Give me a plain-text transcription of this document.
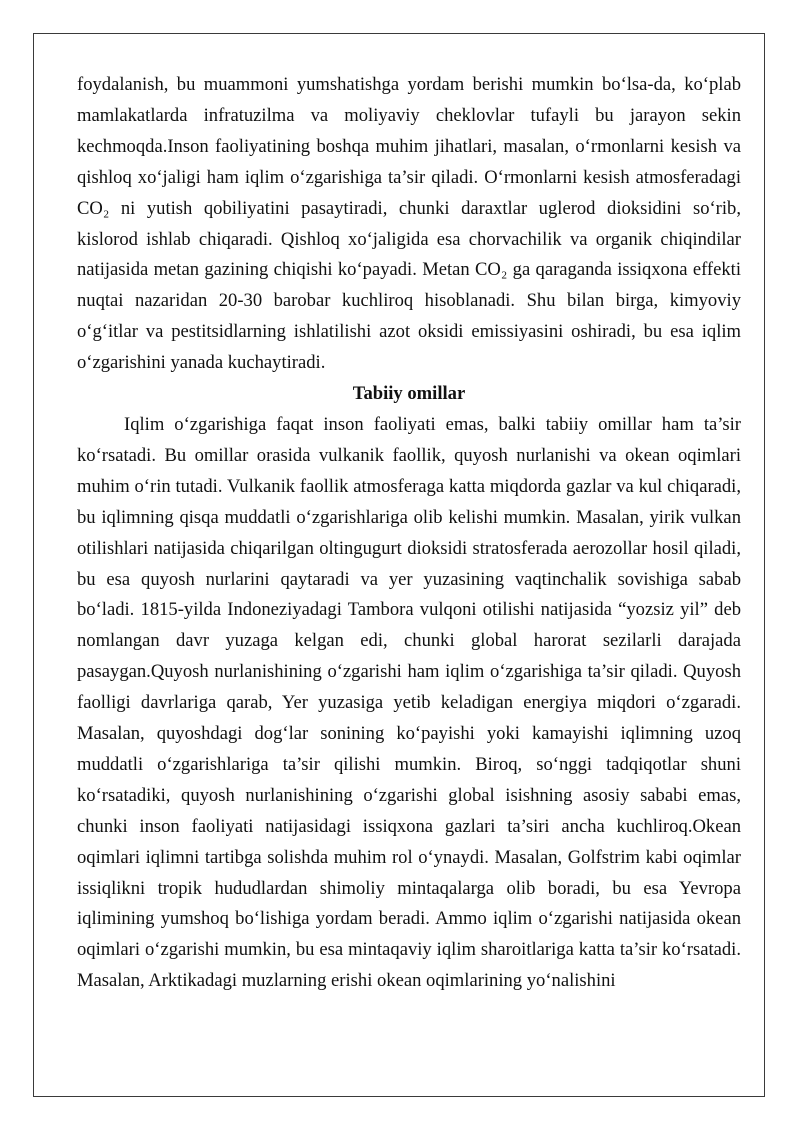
foydalanish, bu muammoni yumshatishga yordam berishi mumkin bo‘lsa-da, ko‘plab mamlakatlarda infratuzilma va moliyaviy cheklovlar tufayli bu jarayon sekin kechmoqda.Inson faoliyatining boshqa muhim jihatlari, masalan, o‘rmonlarni kesish va qishloq xo‘jaligi ham iqlim o‘zgarishiga ta’sir qiladi. O‘rmonlarni kesish atmosferadagi CO₂ ni yutish qobiliyatini pasaytiradi, chunki daraxtlar uglerod dioksidini so‘rib, kislorod ishlab chiqaradi. Qishloq xo‘jaligida esa chorvachilik va organik chiqindilar natijasida metan gazining chiqishi ko‘payadi. Metan CO₂ ga qaraganda issiqxona effekti nuqtai nazaridan 20-30 barobar kuchliroq hisoblanadi. Shu bilan birga, kimyoviy o‘g‘itlar va pestitsidlarning ishlatilishi azot oksidi emissiyasini oshiradi, bu esa iqlim o‘zgarishini yanada kuchaytiradi.

Tabiiy omillar

Iqlim o‘zgarishiga faqat inson faoliyati emas, balki tabiiy omillar ham ta’sir ko‘rsatadi. Bu omillar orasida vulkanik faollik, quyosh nurlanishi va okean oqimlari muhim o‘rin tutadi. Vulkanik faollik atmosferaga katta miqdorda gazlar va kul chiqaradi, bu iqlimning qisqa muddatli o‘zgarishlariga olib kelishi mumkin. Masalan, yirik vulkan otilishlari natijasida chiqarilgan oltingugurt dioksidi stratosferada aerozollar hosil qiladi, bu esa quyosh nurlarini qaytaradi va yer yuzasining vaqtinchalik sovishiga sabab bo‘ladi. 1815-yilda Indoneziyadagi Tambora vulqoni otilishi natijasida “yozsiz yil” deb nomlangan davr yuzaga kelgan edi, chunki global harorat sezilarli darajada pasaygan.Quyosh nurlanishining o‘zgarishi ham iqlim o‘zgarishiga ta’sir qiladi. Quyosh faolligi davrlariga qarab, Yer yuzasiga yetib keladigan energiya miqdori o‘zgaradi. Masalan, quyoshdagi dog‘lar sonining ko‘payishi yoki kamayishi iqlimning uzoq muddatli o‘zgarishlariga ta’sir qilishi mumkin. Biroq, so‘nggi tadqiqotlar shuni ko‘rsatadiki, quyosh nurlanishining o‘zgarishi global isishning asosiy sababi emas, chunki inson faoliyati natijasidagi issiqxona gazlari ta’siri ancha kuchliroq.Okean oqimlari iqlimni tartibga solishda muhim rol o‘ynaydi. Masalan, Golfstrim kabi oqimlar issiqlikni tropik hududlardan shimoliy mintaqalarga olib boradi, bu esa Yevropa iqlimining yumshoq bo‘lishiga yordam beradi. Ammo iqlim o‘zgarishi natijasida okean oqimlari o‘zgarishi mumkin, bu esa mintaqaviy iqlim sharoitlariga katta ta’sir ko‘rsatadi. Masalan, Arktikadagi muzlarning erishi okean oqimlarining yo‘nalishini
